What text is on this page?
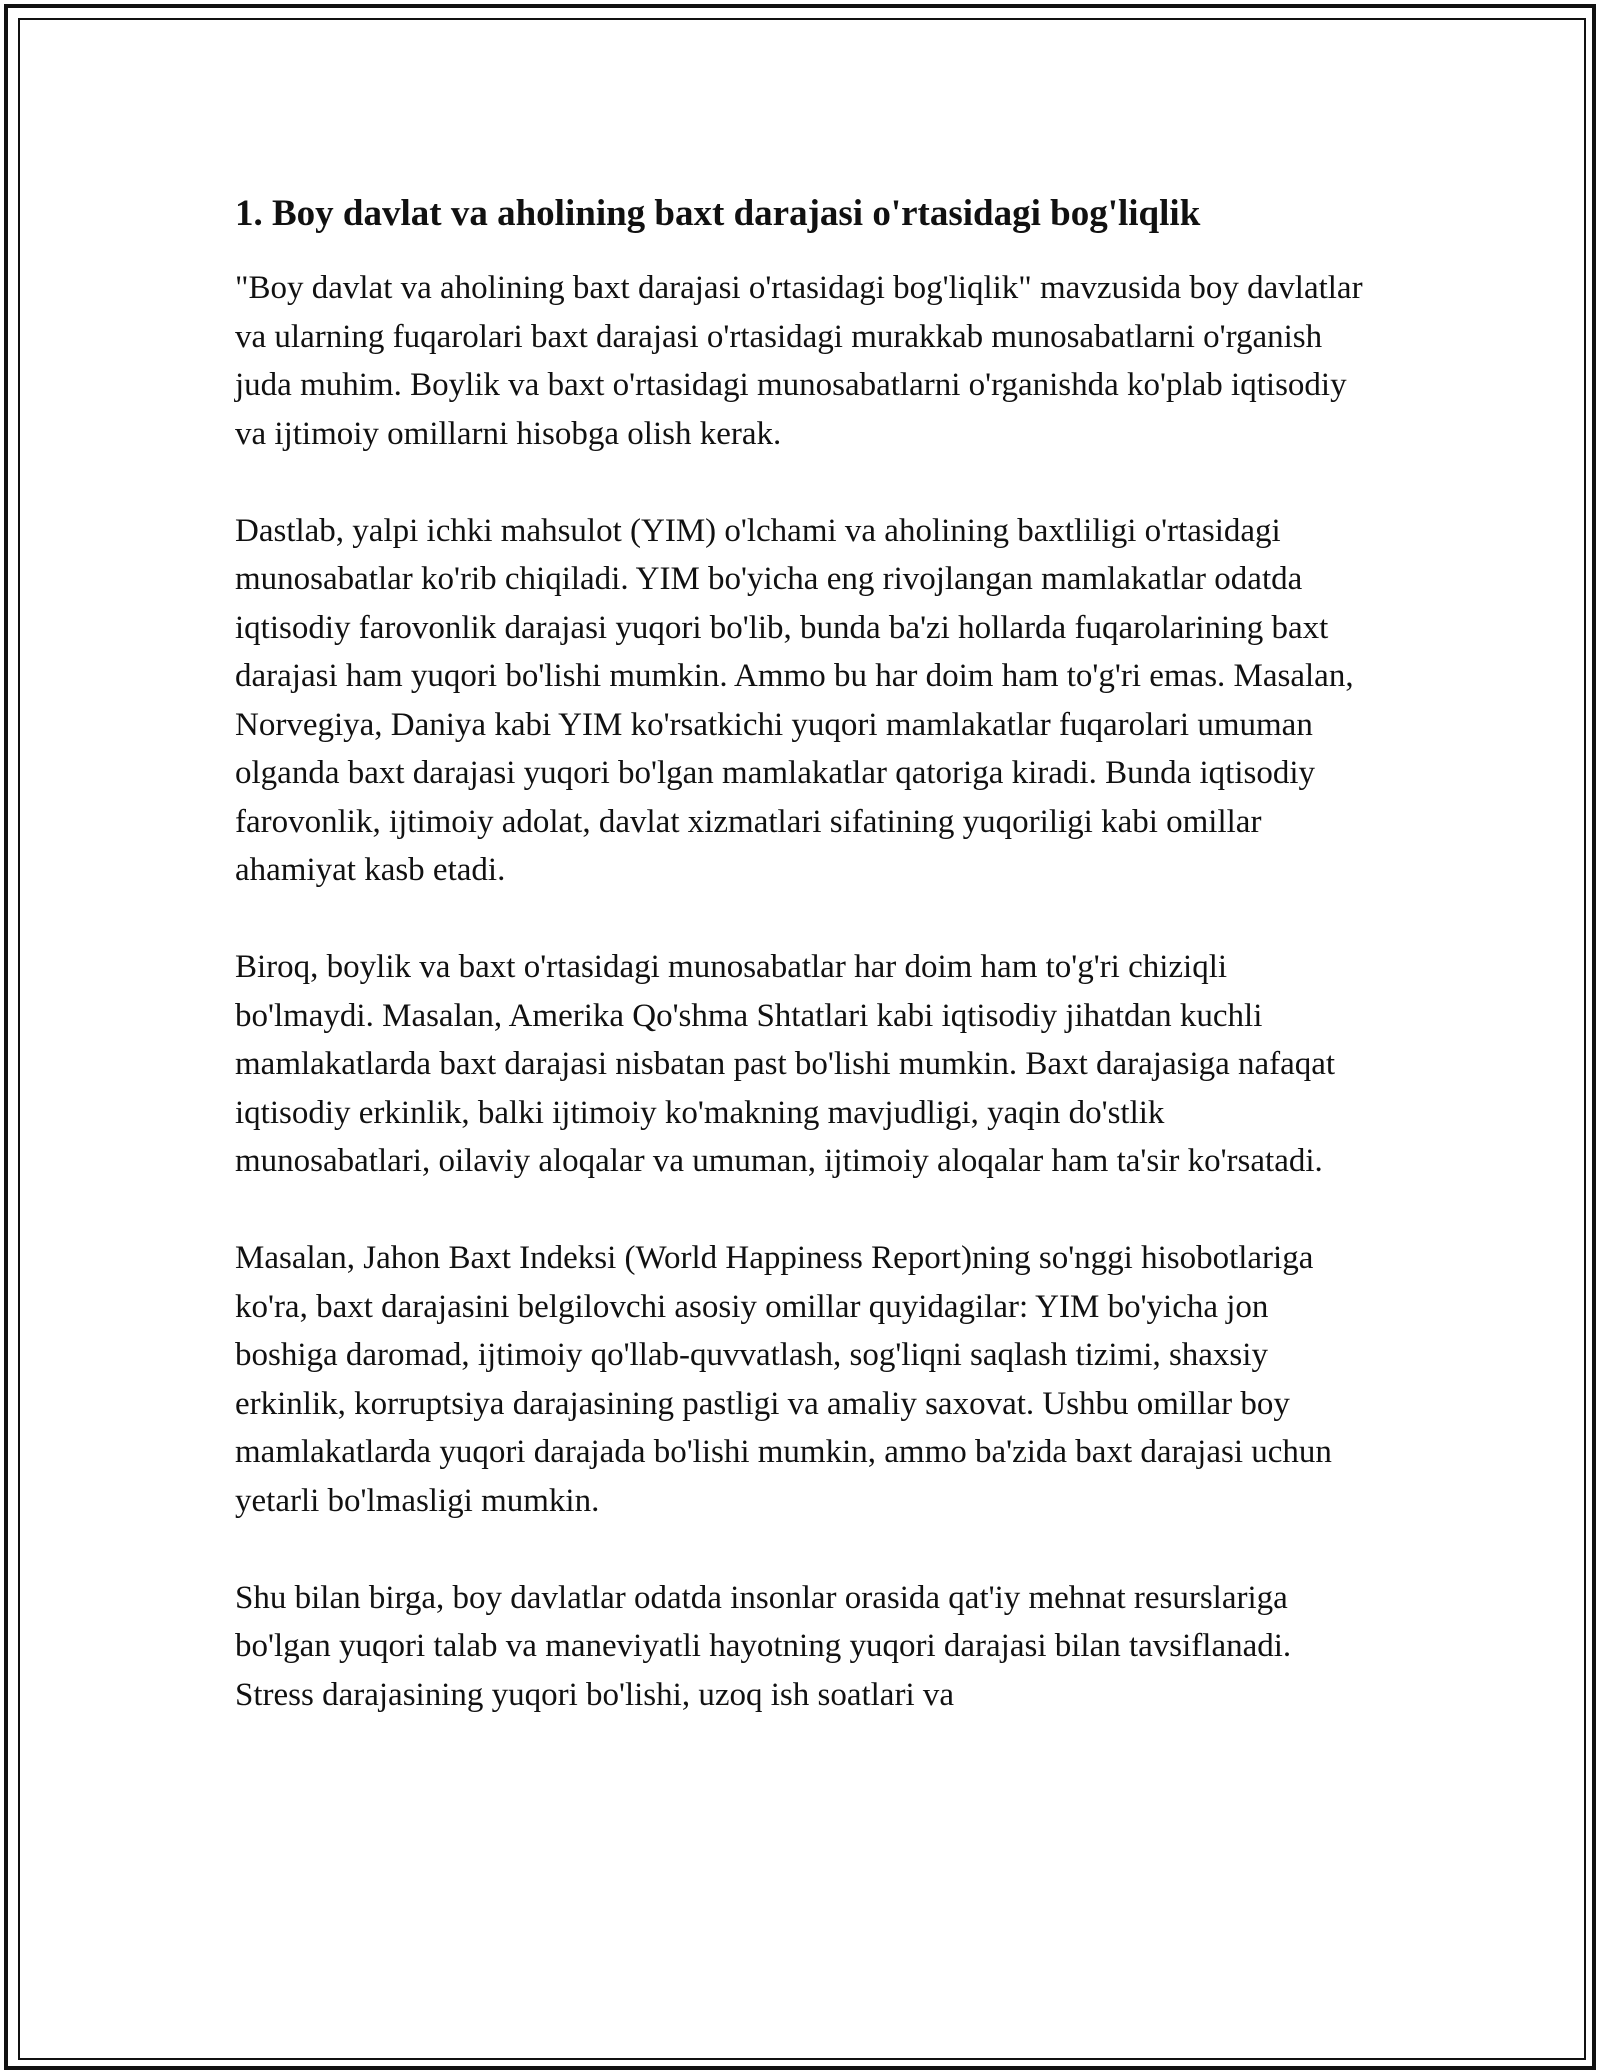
1. Boy davlat va aholining baxt darajasi o'rtasidagi bog'liqlik

"Boy davlat va aholining baxt darajasi o'rtasidagi bog'liqlik" mavzusida boy davlatlar va ularning fuqarolari baxt darajasi o'rtasidagi murakkab munosabatlarni o'rganish juda muhim. Boylik va baxt o'rtasidagi munosabatlarni o'rganishda ko'plab iqtisodiy va ijtimoiy omillarni hisobga olish kerak.

Dastlab, yalpi ichki mahsulot (YIM) o'lchami va aholining baxtliligi o'rtasidagi munosabatlar ko'rib chiqiladi. YIM bo'yicha eng rivojlangan mamlakatlar odatda iqtisodiy farovonlik darajasi yuqori bo'lib, bunda ba'zi hollarda fuqarolarining baxt darajasi ham yuqori bo'lishi mumkin. Ammo bu har doim ham to'g'ri emas. Masalan, Norvegiya, Daniya kabi YIM ko'rsatkichi yuqori mamlakatlar fuqarolari umuman olganda baxt darajasi yuqori bo'lgan mamlakatlar qatoriga kiradi. Bunda iqtisodiy farovonlik, ijtimoiy adolat, davlat xizmatlari sifatining yuqoriligi kabi omillar ahamiyat kasb etadi.

Biroq, boylik va baxt o'rtasidagi munosabatlar har doim ham to'g'ri chiziqli bo'lmaydi. Masalan, Amerika Qo'shma Shtatlari kabi iqtisodiy jihatdan kuchli mamlakatlarda baxt darajasi nisbatan past bo'lishi mumkin. Baxt darajasiga nafaqat iqtisodiy erkinlik, balki ijtimoiy ko'makning mavjudligi, yaqin do'stlik munosabatlari, oilaviy aloqalar va umuman, ijtimoiy aloqalar ham ta'sir ko'rsatadi.

Masalan, Jahon Baxt Indeksi (World Happiness Report)ning so'nggi hisobotlariga ko'ra, baxt darajasini belgilovchi asosiy omillar quyidagilar: YIM bo'yicha jon boshiga daromad, ijtimoiy qo'llab-quvvatlash, sog'liqni saqlash tizimi, shaxsiy erkinlik, korruptsiya darajasining pastligi va amaliy saxovat. Ushbu omillar boy mamlakatlarda yuqori darajada bo'lishi mumkin, ammo ba'zida baxt darajasi uchun yetarli bo'lmasligi mumkin.

Shu bilan birga, boy davlatlar odatda insonlar orasida qat'iy mehnat resurslariga bo'lgan yuqori talab va maneviyatli hayotning yuqori darajasi bilan tavsiflanadi. Stress darajasining yuqori bo'lishi, uzoq ish soatlari va
